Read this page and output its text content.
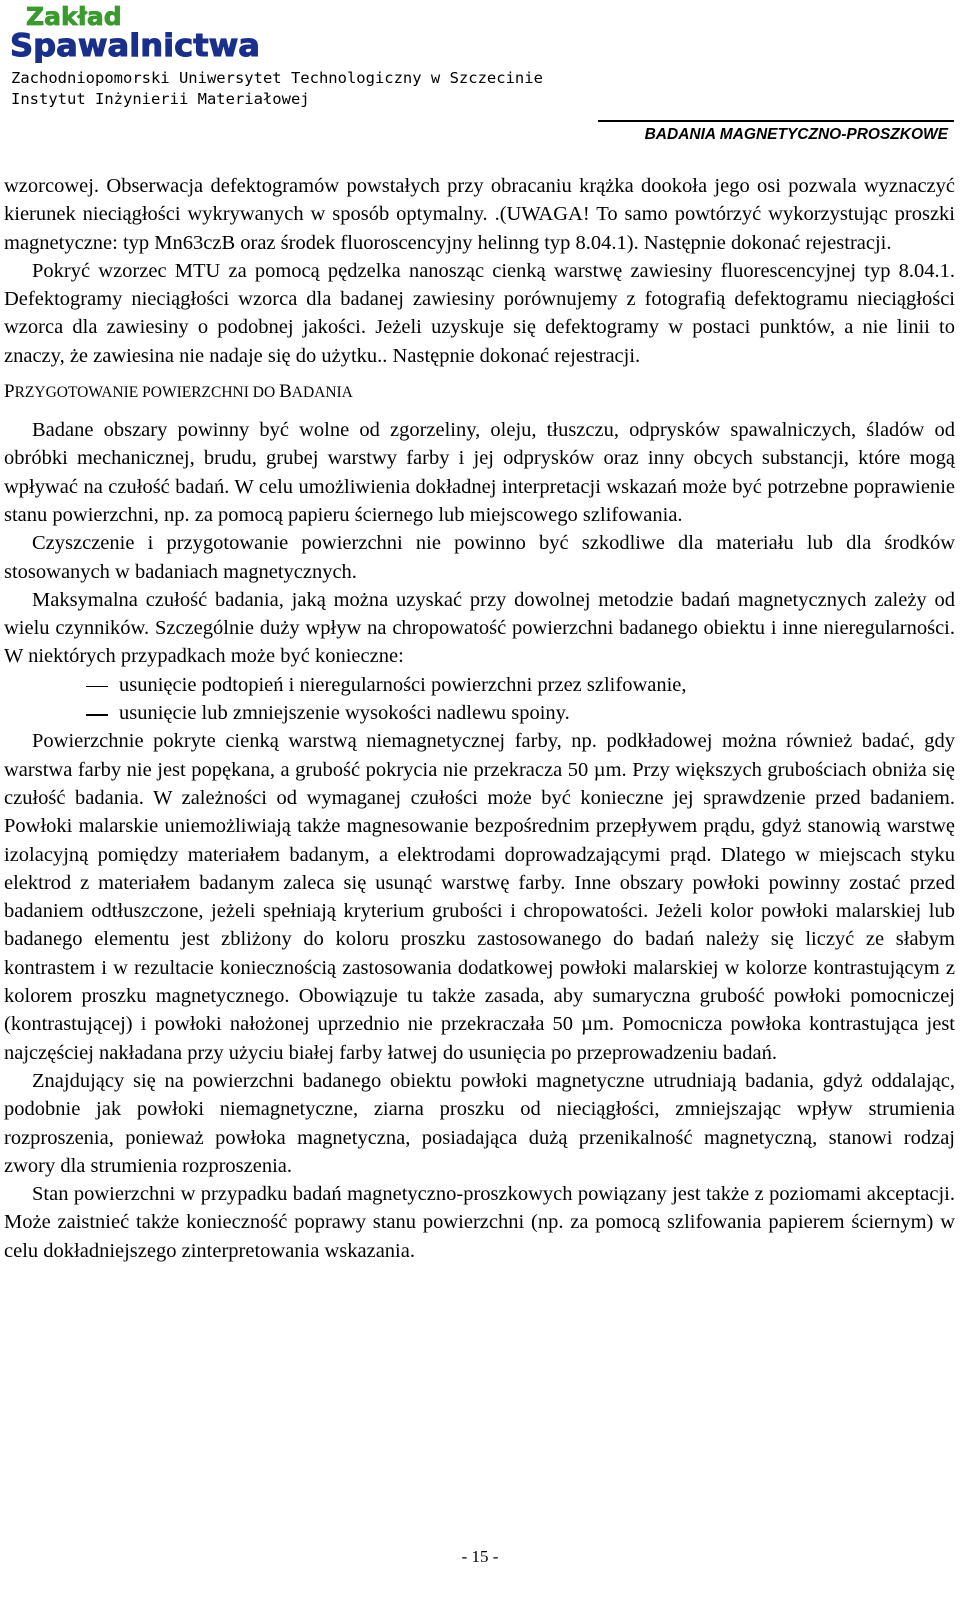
Zakład
Spawalnictwa
Zachodniopomorski Uniwersytet Technologiczny w Szczecinie
Instytut Inżynierii Materiałowej
BADANIA MAGNETYCZNO-PROSZKOWE

wzorcowej. Obserwacja defektogramów powstałych przy obracaniu krążka dookoła jego osi pozwala wyznaczyć kierunek nieciągłości wykrywanych w sposób optymalny. .(UWAGA! To samo powtórzyć wykorzystując proszki magnetyczne: typ Mn63czB oraz środek fluoroscencyjny helinng typ 8.04.1). Następnie dokonać rejestracji.

Pokryć wzorzec MTU za pomocą pędzelka nanosząc cienką warstwę zawiesiny fluorescencyjnej typ 8.04.1. Defektogramy nieciągłości wzorca dla badanej zawiesiny porównujemy z fotografią defektogramu nieciągłości wzorca dla zawiesiny o podobnej jakości. Jeżeli uzyskuje się defektogramy w postaci punktów, a nie linii to znaczy, że zawiesina nie nadaje się do użytku.. Następnie dokonać rejestracji.

PRZYGOTOWANIE POWIERZCHNI DO BADANIA

Badane obszary powinny być wolne od zgorzeliny, oleju, tłuszczu, odprysków spawalniczych, śladów od obróbki mechanicznej, brudu, grubej warstwy farby i jej odprysków oraz inny obcych substancji, które mogą wpływać na czułość badań. W celu umożliwienia dokładnej interpretacji wskazań może być potrzebne poprawienie stanu powierzchni, np. za pomocą papieru ściernego lub miejscowego szlifowania.

Czyszczenie i przygotowanie powierzchni nie powinno być szkodliwe dla materiału lub dla środków stosowanych w badaniach magnetycznych.

Maksymalna czułość badania, jaką można uzyskać przy dowolnej metodzie badań magnetycznych zależy od wielu czynników. Szczególnie duży wpływ na chropowatość powierzchni badanego obiektu i inne nieregularności. W niektórych przypadkach może być konieczne:

usunięcie podtopień i nieregularności powierzchni przez szlifowanie,
usunięcie lub zmniejszenie wysokości nadlewu spoiny.

Powierzchnie pokryte cienką warstwą niemagnetycznej farby, np. podkładowej można również badać, gdy warstwa farby nie jest popękana, a grubość pokrycia nie przekracza 50 µm. Przy większych grubościach obniża się czułość badania. W zależności od wymaganej czułości może być konieczne jej sprawdzenie przed badaniem. Powłoki malarskie uniemożliwiają także magnesowanie bezpośrednim przepływem prądu, gdyż stanowią warstwę izolacyjną pomiędzy materiałem badanym, a elektrodami doprowadzającymi prąd. Dlatego w miejscach styku elektrod z materiałem badanym zaleca się usunąć warstwę farby. Inne obszary powłoki powinny zostać przed badaniem odtłuszczone, jeżeli spełniają kryterium grubości i chropowatości. Jeżeli kolor powłoki malarskiej lub badanego elementu jest zbliżony do koloru proszku zastosowanego do badań należy się liczyć ze słabym kontrastem i w rezultacie koniecznością zastosowania dodatkowej powłoki malarskiej w kolorze kontrastującym z kolorem proszku magnetycznego. Obowiązuje tu także zasada, aby sumaryczna grubość powłoki pomocniczej (kontrastującej) i powłoki nałożonej uprzednio nie przekraczała 50 µm. Pomocnicza powłoka kontrastująca jest najczęściej nakładana przy użyciu białej farby łatwej do usunięcia po przeprowadzeniu badań.

Znajdujący się na powierzchni badanego obiektu powłoki magnetyczne utrudniają badania, gdyż oddalając, podobnie jak powłoki niemagnetyczne, ziarna proszku od nieciągłości, zmniejszając wpływ strumienia rozproszenia, ponieważ powłoka magnetyczna, posiadająca dużą przenikalność magnetyczną, stanowi rodzaj zwory dla strumienia rozproszenia.

Stan powierzchni w przypadku badań magnetyczno-proszkowych powiązany jest także z poziomami akceptacji. Może zaistnieć także konieczność poprawy stanu powierzchni (np. za pomocą szlifowania papierem ściernym) w celu dokładniejszego zinterpretowania wskazania.

- 15 -
